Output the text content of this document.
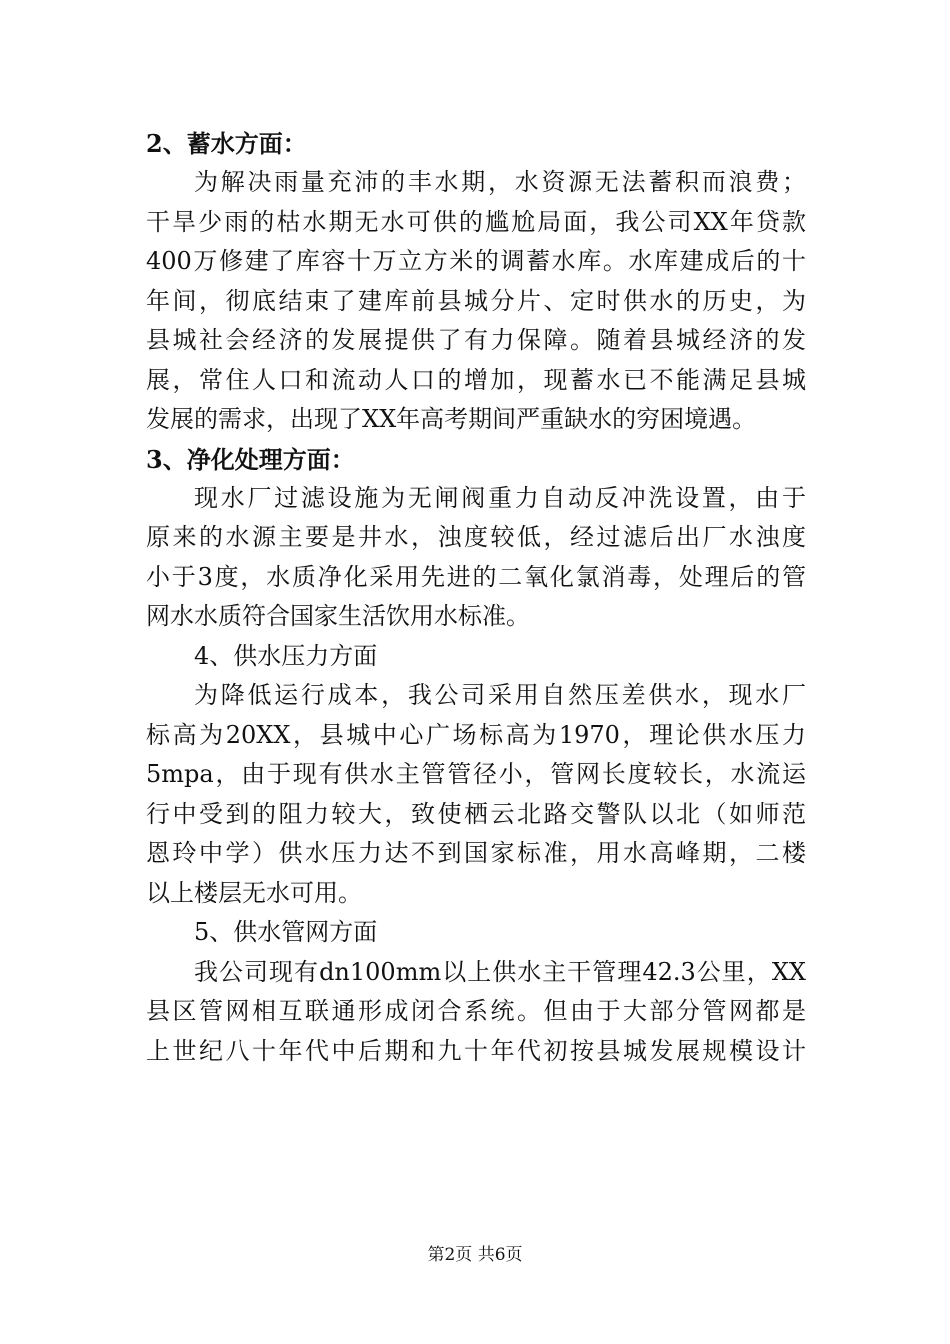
2、蓄水方面：

为解决雨量充沛的丰水期，水资源无法蓄积而浪费；
干旱少雨的枯水期无水可供的尴尬局面，我公司XX年贷款
400万修建了库容十万立方米的调蓄水库。水库建成后的十
年间，彻底结束了建库前县城分片、定时供水的历史，为
县城社会经济的发展提供了有力保障。随着县城经济的发
展，常住人口和流动人口的增加，现蓄水已不能满足县城
发展的需求，出现了XX年高考期间严重缺水的穷困境遇。

3、净化处理方面：

现水厂过滤设施为无闸阀重力自动反冲洗设置，由于
原来的水源主要是井水，浊度较低，经过滤后出厂水浊度
小于3度，水质净化采用先进的二氧化氯消毒，处理后的管
网水水质符合国家生活饮用水标准。

4、供水压力方面

为降低运行成本，我公司采用自然压差供水，现水厂
标高为20XX，县城中心广场标高为1970，理论供水压力
5mpa，由于现有供水主管管径小，管网长度较长，水流运
行中受到的阻力较大，致使栖云北路交警队以北（如师范
恩玲中学）供水压力达不到国家标准，用水高峰期，二楼
以上楼层无水可用。

5、供水管网方面

我公司现有dn100mm以上供水主干管理42.3公里，XX
县区管网相互联通形成闭合系统。但由于大部分管网都是
上世纪八十年代中后期和九十年代初按县城发展规模设计

第2页 共6页
